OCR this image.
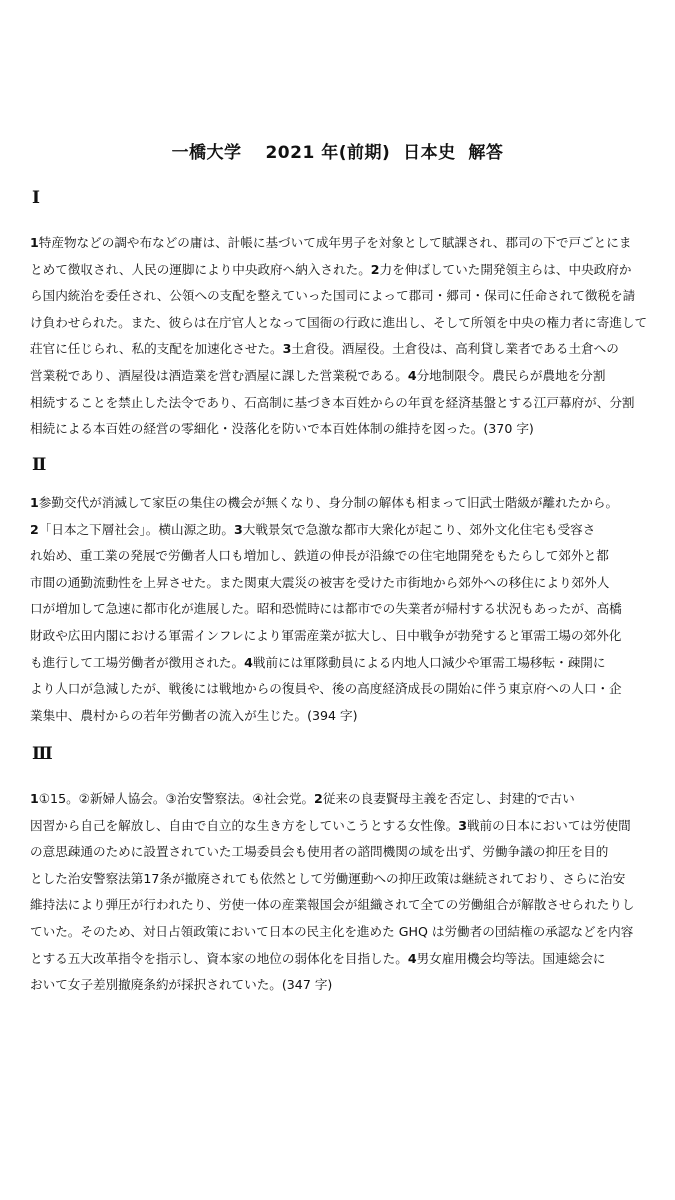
一橋大学　 2021 年(前期)  日本史  解答
Ⅰ
1特産物などの調や布などの庸は、計帳に基づいて成年男子を対象として賦課され、郡司の下で戸ごとにま
とめて徴収され、人民の運脚により中央政府へ納入された。2力を伸ばしていた開発領主らは、中央政府か
ら国内統治を委任され、公領への支配を整えていった国司によって郡司・郷司・保司に任命されて徴税を請
け負わせられた。また、彼らは在庁官人となって国衙の行政に進出し、そして所領を中央の権力者に寄進して
荘官に任じられ、私的支配を加速化させた。3土倉役。酒屋役。土倉役は、高利貸し業者である土倉への
営業税であり、酒屋役は酒造業を営む酒屋に課した営業税である。4分地制限令。農民らが農地を分割
相続することを禁止した法令であり、石高制に基づき本百姓からの年貢を経済基盤とする江戸幕府が、分割
相続による本百姓の経営の零細化・没落化を防いで本百姓体制の維持を図った。(370 字)
Ⅱ
1参勤交代が消滅して家臣の集住の機会が無くなり、身分制の解体も相まって旧武士階級が離れたから。
2「日本之下層社会」。横山源之助。3大戦景気で急激な都市大衆化が起こり、郊外文化住宅も受容さ
れ始め、重工業の発展で労働者人口も増加し、鉄道の伸長が沿線での住宅地開発をもたらして郊外と都
市間の通勤流動性を上昇させた。また関東大震災の被害を受けた市街地から郊外への移住により郊外人
口が増加して急速に都市化が進展した。昭和恐慌時には都市での失業者が帰村する状況もあったが、高橋
財政や広田内閣における軍需インフレにより軍需産業が拡大し、日中戦争が勃発すると軍需工場の郊外化
も進行して工場労働者が徴用された。4戦前には軍隊動員による内地人口減少や軍需工場移転・疎開に
より人口が急減したが、戦後には戦地からの復員や、後の高度経済成長の開始に伴う東京府への人口・企
業集中、農村からの若年労働者の流入が生じた。(394 字)
Ⅲ
1①15。②新婦人協会。③治安警察法。④社会党。2従来の良妻賢母主義を否定し、封建的で古い
因習から自己を解放し、自由で自立的な生き方をしていこうとする女性像。3戦前の日本においては労使間
の意思疎通のために設置されていた工場委員会も使用者の諮問機関の域を出ず、労働争議の抑圧を目的
とした治安警察法第17条が撤廃されても依然として労働運動への抑圧政策は継続されており、さらに治安
維持法により弾圧が行われたり、労使一体の産業報国会が組織されて全ての労働組合が解散させられたりし
ていた。そのため、対日占領政策において日本の民主化を進めた GHQ は労働者の団結権の承認などを内容
とする五大改革指令を指示し、資本家の地位の弱体化を目指した。4男女雇用機会均等法。国連総会に
おいて女子差別撤廃条約が採択されていた。(347 字)
